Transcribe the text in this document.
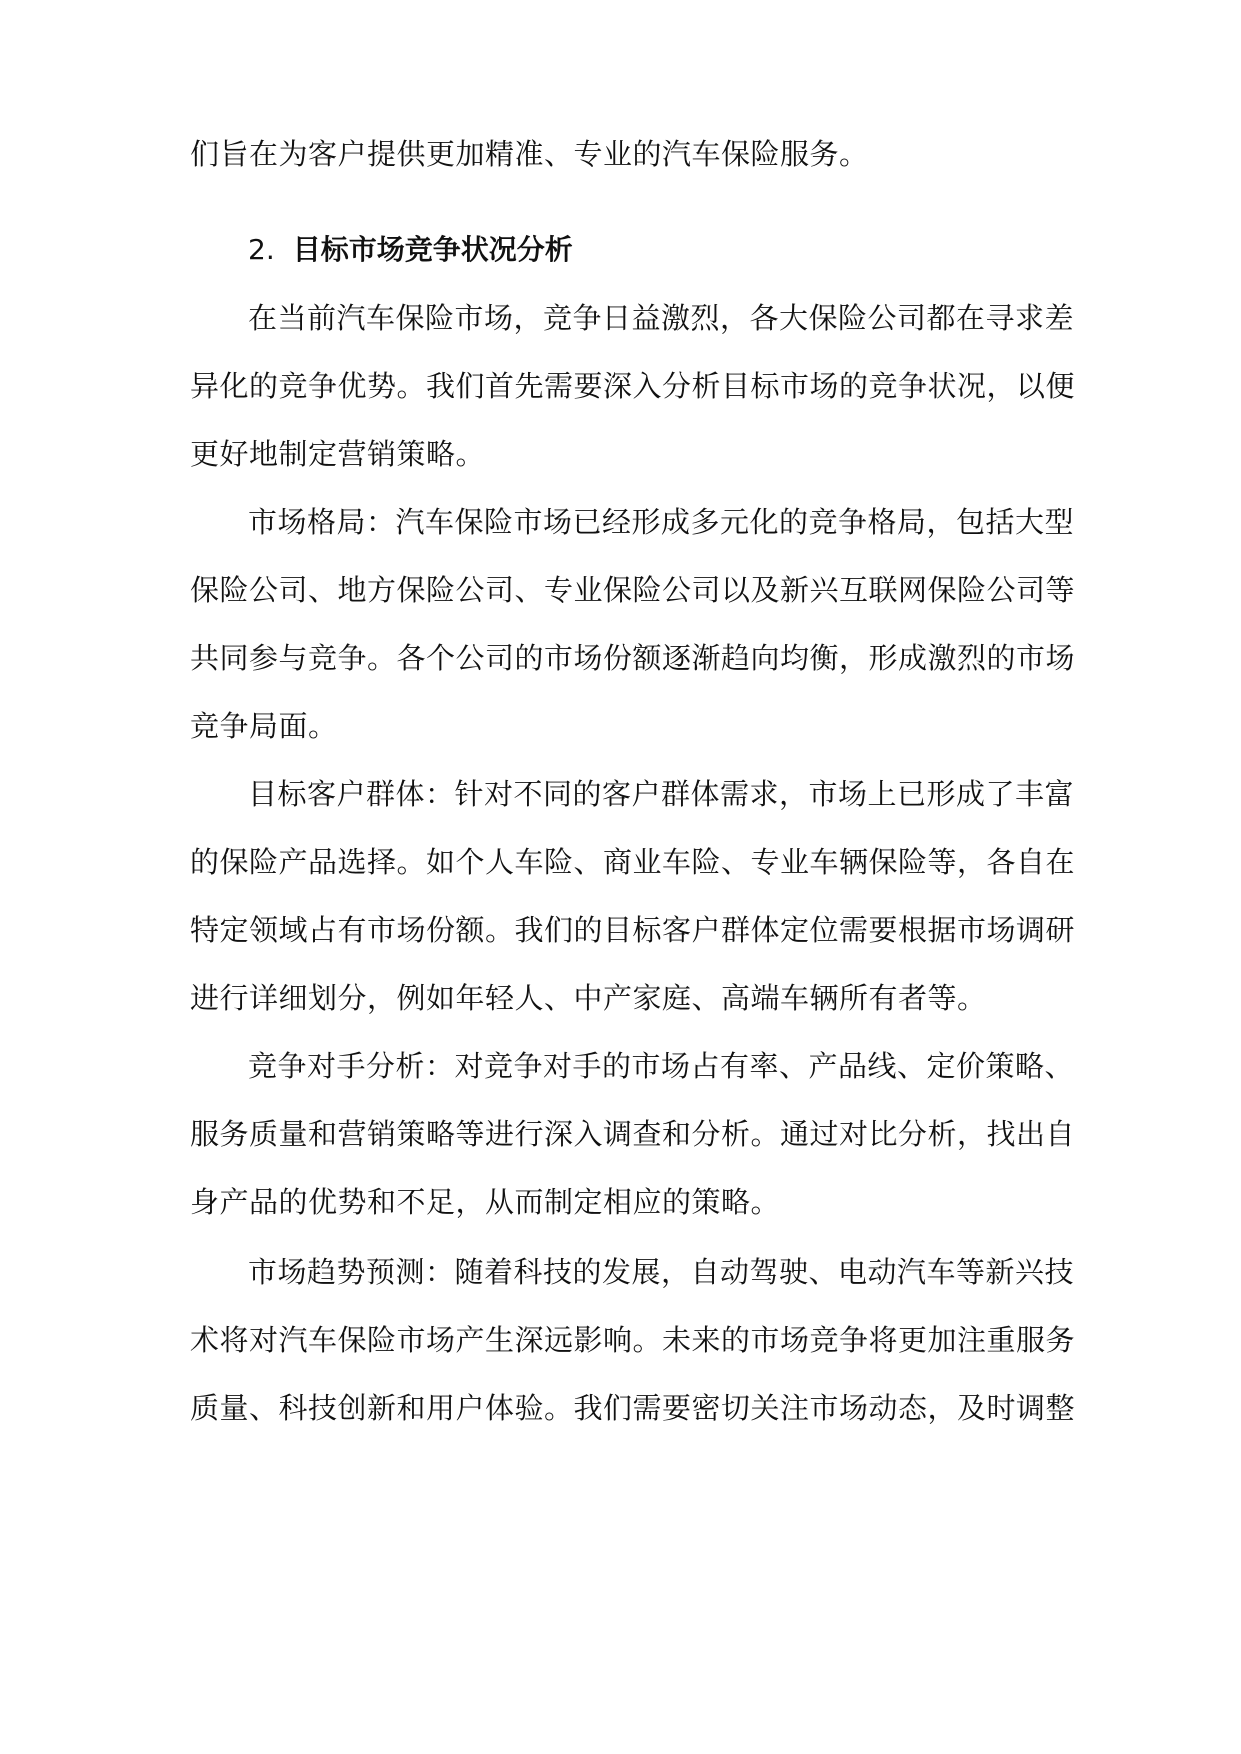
们旨在为客户提供更加精准、专业的汽车保险服务。
2. 目标市场竞争状况分析
在当前汽车保险市场，竞争日益激烈，各大保险公司都在寻求差
异化的竞争优势。我们首先需要深入分析目标市场的竞争状况，以便
更好地制定营销策略。
市场格局：汽车保险市场已经形成多元化的竞争格局，包括大型
保险公司、地方保险公司、专业保险公司以及新兴互联网保险公司等
共同参与竞争。各个公司的市场份额逐渐趋向均衡，形成激烈的市场
竞争局面。
目标客户群体：针对不同的客户群体需求，市场上已形成了丰富
的保险产品选择。如个人车险、商业车险、专业车辆保险等，各自在
特定领域占有市场份额。我们的目标客户群体定位需要根据市场调研
进行详细划分，例如年轻人、中产家庭、高端车辆所有者等。
竞争对手分析：对竞争对手的市场占有率、产品线、定价策略、
服务质量和营销策略等进行深入调查和分析。通过对比分析，找出自
身产品的优势和不足，从而制定相应的策略。
市场趋势预测：随着科技的发展，自动驾驶、电动汽车等新兴技
术将对汽车保险市场产生深远影响。未来的市场竞争将更加注重服务
质量、科技创新和用户体验。我们需要密切关注市场动态，及时调整
